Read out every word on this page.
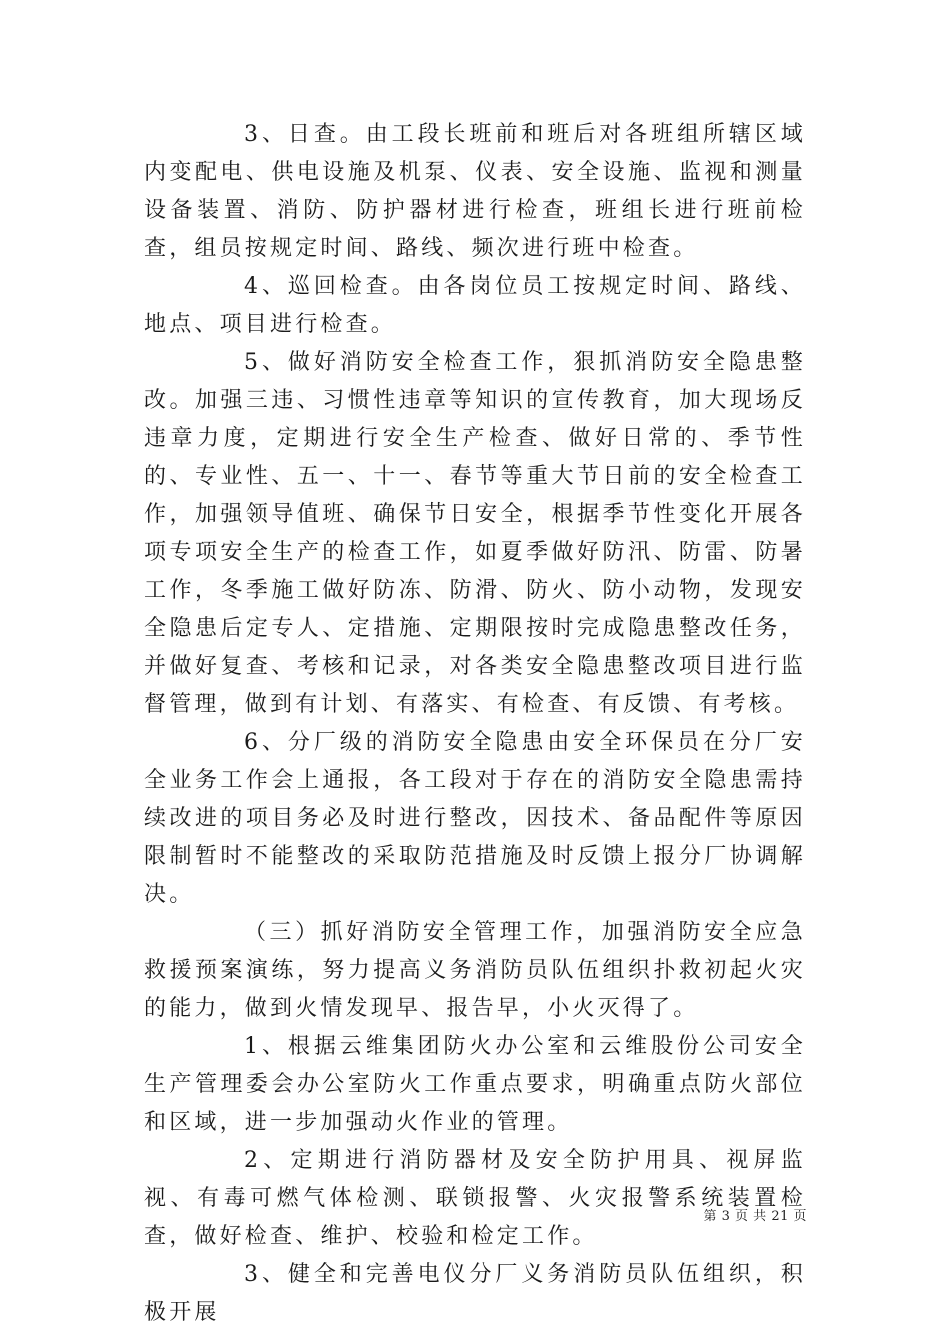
3、日查。由工段长班前和班后对各班组所辖区域内变配电、供电设施及机泵、仪表、安全设施、监视和测量设备装置、消防、防护器材进行检查，班组长进行班前检查，组员按规定时间、路线、频次进行班中检查。

4、巡回检查。由各岗位员工按规定时间、路线、地点、项目进行检查。

5、做好消防安全检查工作，狠抓消防安全隐患整改。加强三违、习惯性违章等知识的宣传教育，加大现场反违章力度，定期进行安全生产检查、做好日常的、季节性的、专业性、五一、十一、春节等重大节日前的安全检查工作，加强领导值班、确保节日安全，根据季节性变化开展各项专项安全生产的检查工作，如夏季做好防汛、防雷、防暑工作，冬季施工做好防冻、防滑、防火、防小动物，发现安全隐患后定专人、定措施、定期限按时完成隐患整改任务，并做好复查、考核和记录，对各类安全隐患整改项目进行监督管理，做到有计划、有落实、有检查、有反馈、有考核。

6、分厂级的消防安全隐患由安全环保员在分厂安全业务工作会上通报，各工段对于存在的消防安全隐患需持续改进的项目务必及时进行整改，因技术、备品配件等原因限制暂时不能整改的采取防范措施及时反馈上报分厂协调解决。

（三）抓好消防安全管理工作，加强消防安全应急救援预案演练，努力提高义务消防员队伍组织扑救初起火灾的能力，做到火情发现早、报告早，小火灭得了。

1、根据云维集团防火办公室和云维股份公司安全生产管理委会办公室防火工作重点要求，明确重点防火部位和区域，进一步加强动火作业的管理。

2、定期进行消防器材及安全防护用具、视屏监视、有毒可燃气体检测、联锁报警、火灾报警系统装置检查，做好检查、维护、校验和检定工作。

3、健全和完善电仪分厂义务消防员队伍组织，积极开展

第 3 页 共 21 页
